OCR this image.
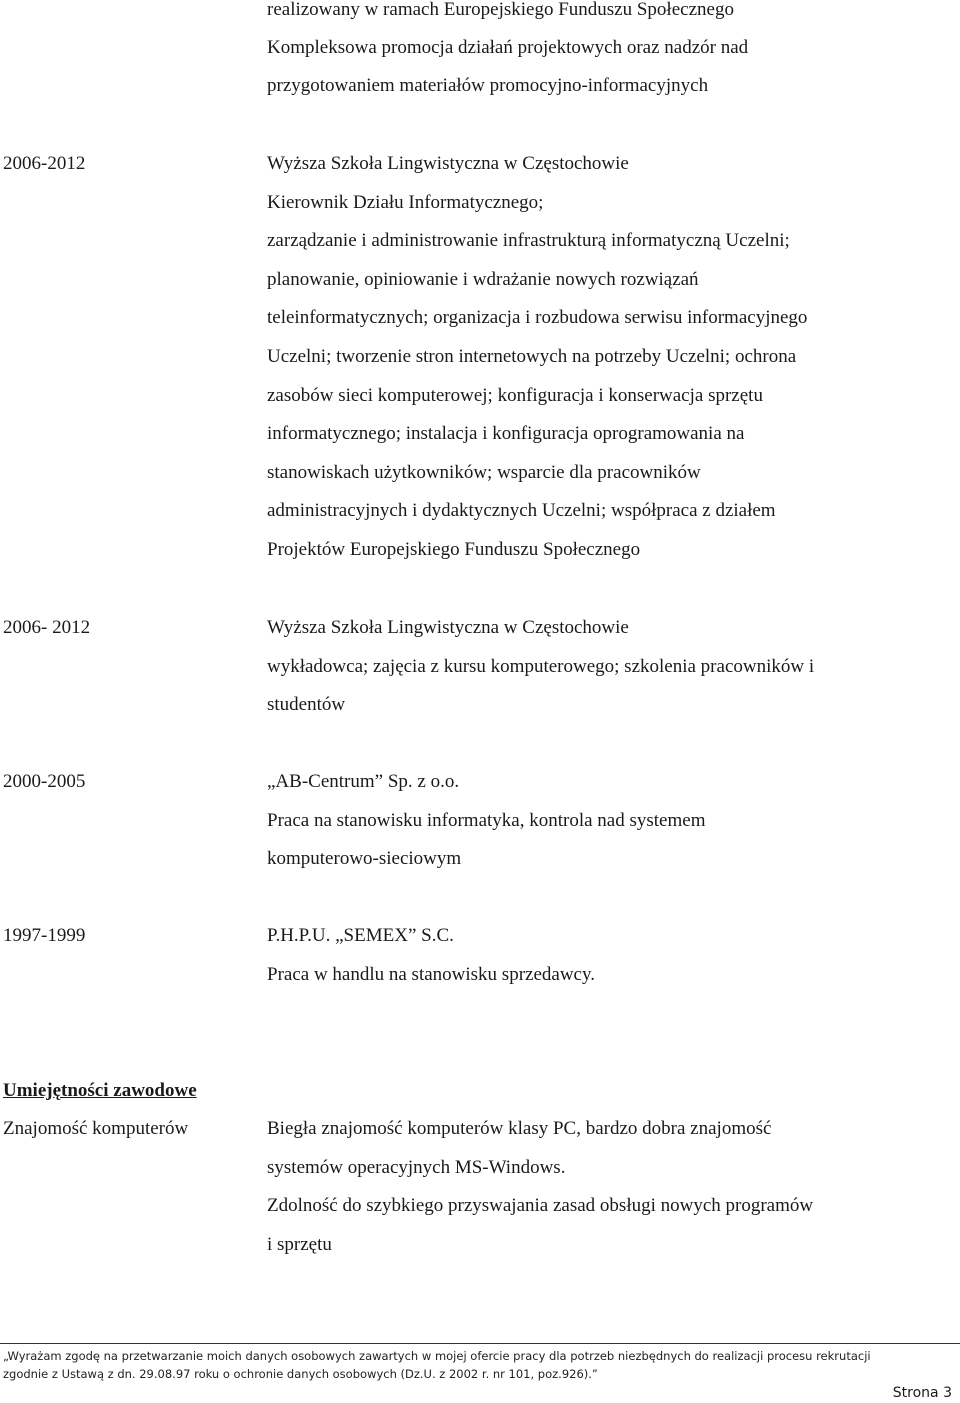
realizowany w ramach Europejskiego Funduszu Społecznego
Kompleksowa promocja działań projektowych oraz nadzór nad
przygotowaniem materiałów promocyjno-informacyjnych
2006-2012	Wyższa Szkoła Lingwistyczna w Częstochowie
Kierownik Działu Informatycznego;
zarządzanie i administrowanie infrastrukturą informatyczną Uczelni;
planowanie, opiniowanie i wdrażanie nowych rozwiązań
teleinformatycznych; organizacja i rozbudowa serwisu informacyjnego
Uczelni; tworzenie stron internetowych na potrzeby Uczelni; ochrona
zasobów sieci komputerowej; konfiguracja i konserwacja sprzętu
informatycznego; instalacja i konfiguracja oprogramowania na
stanowiskach użytkowników; wsparcie dla pracowników
administracyjnych i dydaktycznych Uczelni; współpraca z działem
Projektów Europejskiego Funduszu Społecznego
2006- 2012	Wyższa Szkoła Lingwistyczna w Częstochowie
wykładowca; zajęcia z kursu komputerowego; szkolenia pracowników i
studentów
2000-2005	„AB-Centrum” Sp. z o.o.
Praca na stanowisku informatyka, kontrola nad systemem
komputerowo-sieciowym
1997-1999	P.H.P.U. „SEMEX” S.C.
Praca w handlu na stanowisku sprzedawcy.
Umiejętności zawodowe
Znajomość komputerów	Biegła znajomość komputerów klasy PC, bardzo dobra znajomość
systemów operacyjnych MS-Windows.
Zdolność do szybkiego przyswajania zasad obsługi nowych programów
i sprzętu
„Wyrażam zgodę na przetwarzanie moich danych osobowych zawartych w mojej ofercie pracy dla potrzeb niezbędnych do realizacji procesu rekrutacji
zgodnie z Ustawą z dn. 29.08.97 roku o ochronie danych osobowych (Dz.U. z 2002 r. nr 101, poz.926).”
Strona 3
